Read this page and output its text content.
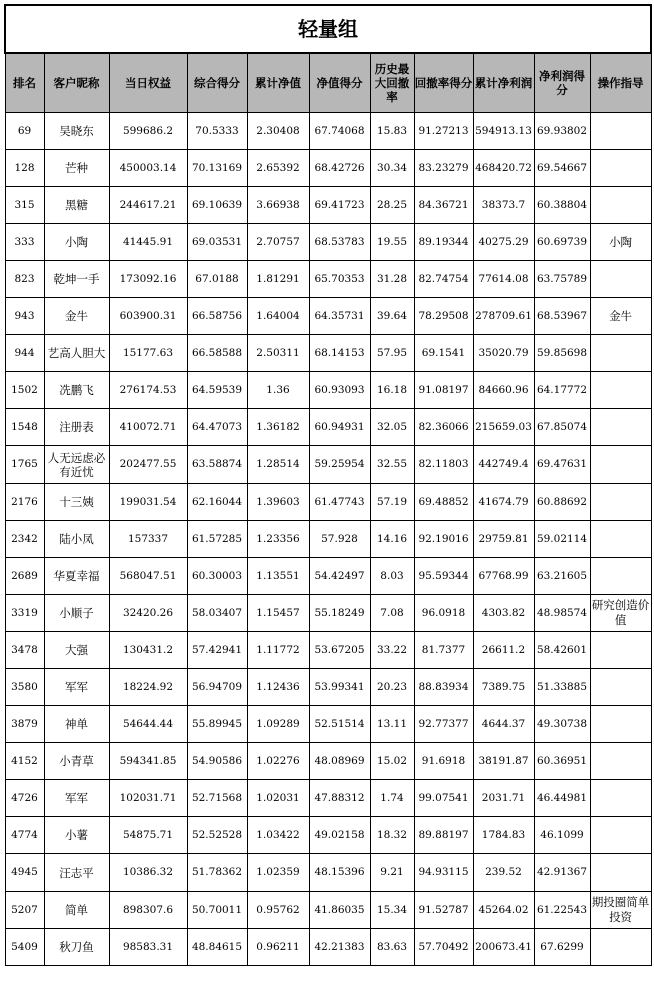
轻量组										
排名	客户昵称	当日权益	综合得分	累计净值	净值得分	历史最大回撤率	回撤率得分	累计净利润	净利润得分	操作指导
69	吴晓东	599686.2	70.5333	2.30408	67.74068	15.83	91.27213	594913.13	69.93802	
128	芒种	450003.14	70.13169	2.65392	68.42726	30.34	83.23279	468420.72	69.54667	
315	黑糖	244617.21	69.10639	3.66938	69.41723	28.25	84.36721	38373.7	60.38804	
333	小陶	41445.91	69.03531	2.70757	68.53783	19.55	89.19344	40275.29	60.69739	小陶
823	乾坤一手	173092.16	67.0188	1.81291	65.70353	31.28	82.74754	77614.08	63.75789	
943	金牛	603900.31	66.58756	1.64004	64.35731	39.64	78.29508	278709.61	68.53967	金牛
944	艺高人胆大	15177.63	66.58588	2.50311	68.14153	57.95	69.1541	35020.79	59.85698	
1502	冼鹏飞	276174.53	64.59539	1.36	60.93093	16.18	91.08197	84660.96	64.17772	
1548	注册表	410072.71	64.47073	1.36182	60.94931	32.05	82.36066	215659.03	67.85074	
1765	人无远虑必有近忧	202477.55	63.58874	1.28514	59.25954	32.55	82.11803	442749.4	69.47631	
2176	十三姨	199031.54	62.16044	1.39603	61.47743	57.19	69.48852	41674.79	60.88692	
2342	陆小凤	157337	61.57285	1.23356	57.928	14.16	92.19016	29759.81	59.02114	
2689	华夏幸福	568047.51	60.30003	1.13551	54.42497	8.03	95.59344	67768.99	63.21605	
3319	小顺子	32420.26	58.03407	1.15457	55.18249	7.08	96.0918	4303.82	48.98574	研究创造价值
3478	大强	130431.2	57.42941	1.11772	53.67205	33.22	81.7377	26611.2	58.42601	
3580	军军	18224.92	56.94709	1.12436	53.99341	20.23	88.83934	7389.75	51.33885	
3879	神单	54644.44	55.89945	1.09289	52.51514	13.11	92.77377	4644.37	49.30738	
4152	小青草	594341.85	54.90586	1.02276	48.08969	15.02	91.6918	38191.87	60.36951	
4726	军军	102031.71	52.71568	1.02031	47.88312	1.74	99.07541	2031.71	46.44981	
4774	小薯	54875.71	52.52528	1.03422	49.02158	18.32	89.88197	1784.83	46.1099	
4945	汪志平	10386.32	51.78362	1.02359	48.15396	9.21	94.93115	239.52	42.91367	
5207	简单	898307.6	50.70011	0.95762	41.86035	15.34	91.52787	45264.02	61.22543	期投圈简单投资
5409	秋刀鱼	98583.31	48.84615	0.96211	42.21383	83.63	57.70492	200673.41	67.6299	
